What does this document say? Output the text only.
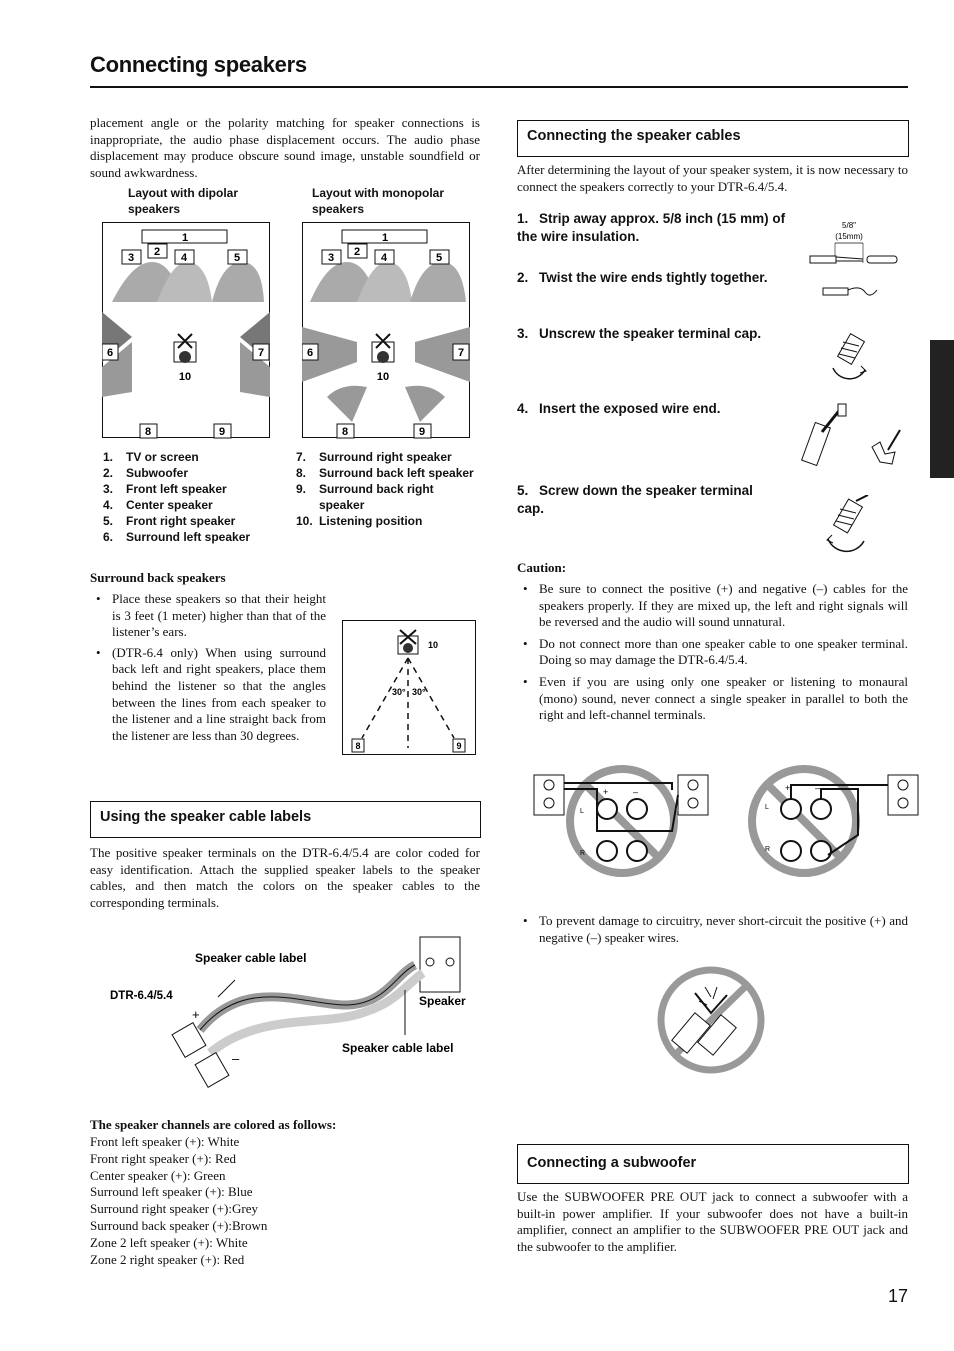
Connecting speakers

placement angle or the polarity matching for speaker connections is inappropriate, the audio phase displacement occurs. The audio phase displacement may produce obscure sound image, unstable soundfield or sound awkwardness.

Layout with dipolar speakers
Layout with monopolar speakers
1
3 2 4	5
6	7
10
8	9
1
3 2 4	5
6	7
10
8	9
1.	TV or screen
2.	Subwoofer
3.	Front left speaker
4.	Center speaker
5.	Front right speaker
6.	Surround left speaker
7.	Surround right speaker
8.	Surround back left speaker
9.	Surround back right speaker
10. Listening position
Surround back speakers
• Place these speakers so that their height is 3 feet (1 meter) higher than that of the listener’s ears.
• (DTR-6.4 only) When using surround back left and right speakers, place them behind the listener so that the angles between the lines from each speaker to the listener and a line straight back from the listener are less than 30 degrees.
10
30° 30°
8	9
Using the speaker cable labels

The positive speaker terminals on the DTR-6.4/5.4 are color coded for easy identification. Attach the supplied speaker labels to the speaker cables, and then match the colors on the speaker cables to the corresponding terminals.

Speaker cable label
DTR-6.4/5.4	Speaker
Speaker cable label
+
–
The speaker channels are colored as follows:
Front left speaker (+): White
Front right speaker (+): Red
Center speaker (+): Green
Surround left speaker (+): Blue
Surround right speaker (+):Grey
Surround back speaker (+):Brown
Zone 2 left speaker (+): White
Zone 2 right speaker (+): Red
Connecting the speaker cables

After determining the layout of your speaker system, it is now necessary to connect the speakers correctly to your DTR-6.4/5.4.

1. Strip away approx. 5/8 inch (15 mm) of the wire insulation.
2. Twist the wire ends tightly together.
3. Unscrew the speaker terminal cap.
4. Insert the exposed wire end.
5. Screw down the speaker terminal cap.
5/8"
(15mm)
Caution:
• Be sure to connect the positive (+) and negative (–) cables for the speakers properly. If they are mixed up, the left and right signals will be reversed and the audio will sound unnatural.
• Do not connect more than one speaker cable to one speaker terminal. Doing so may damage the DTR-6.4/5.4.
• Even if you are using only one speaker or listening to monaural (mono) sound, never connect a single speaker in parallel to both the right and left-channel terminals.
+	–
L
R
+	–
L
R
• To prevent damage to circuitry, never short-circuit the positive (+) and negative (–) speaker wires.
Connecting a subwoofer

Use the SUBWOOFER PRE OUT jack to connect a subwoofer with a built-in power amplifier. If your subwoofer does not have a built-in amplifier, connect an amplifier to the SUBWOOFER PRE OUT jack and the subwoofer to the amplifier.

17
